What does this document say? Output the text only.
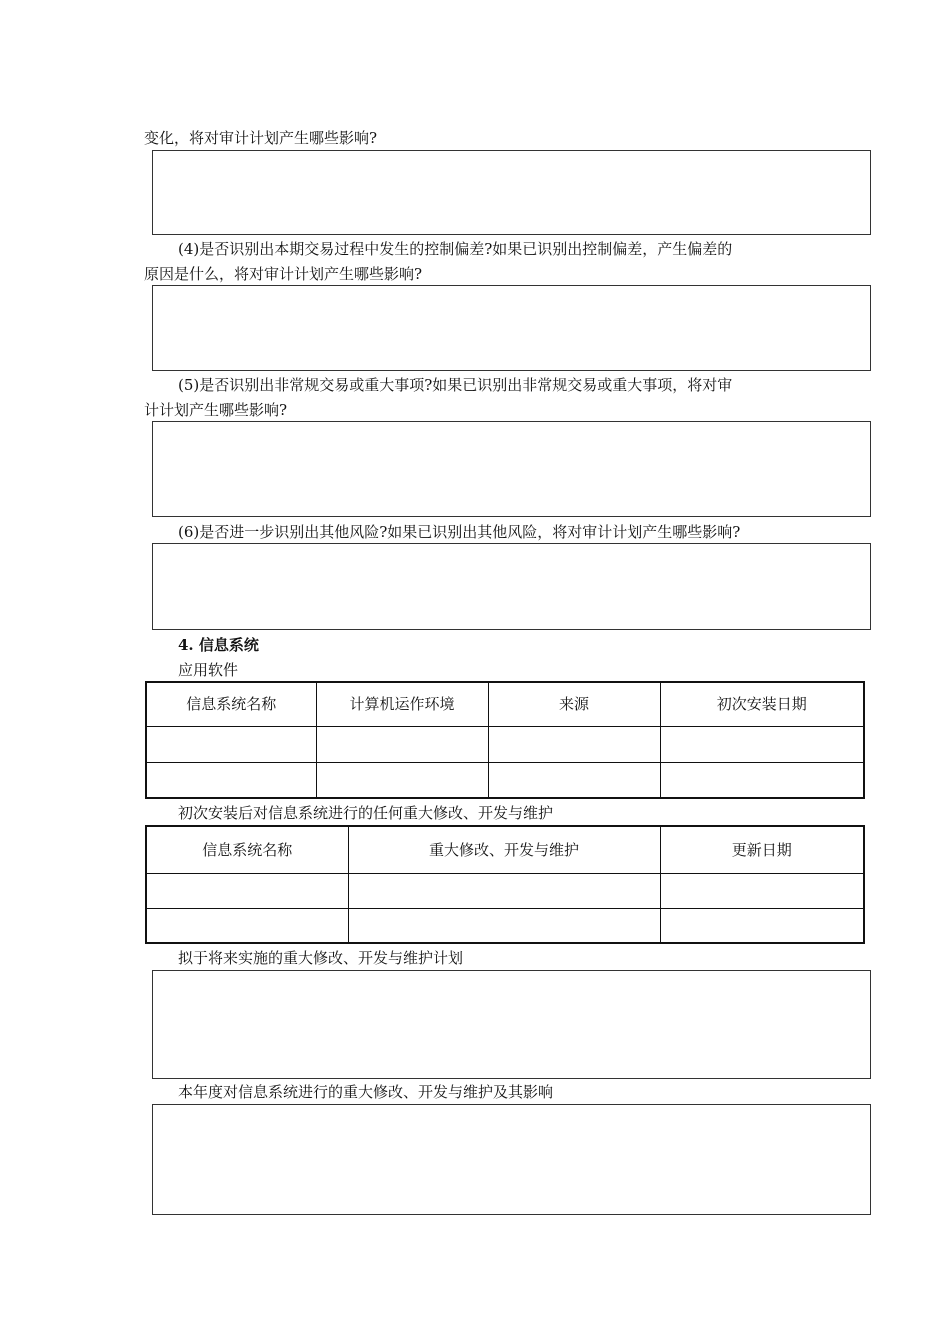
变化，将对审计计划产生哪些影响?
(4)是否识别出本期交易过程中发生的控制偏差?如果已识别出控制偏差，产生偏差的
原因是什么，将对审计计划产生哪些影响?
(5)是否识别出非常规交易或重大事项?如果已识别出非常规交易或重大事项，将对审
计计划产生哪些影响?
(6)是否进一步识别出其他风险?如果已识别出其他风险，将对审计计划产生哪些影响?
4. 信息系统
应用软件
信息系统名称	计算机运作环境	来源	初次安装日期

初次安装后对信息系统进行的任何重大修改、开发与维护
信息系统名称	重大修改、开发与维护	更新日期

拟于将来实施的重大修改、开发与维护计划
本年度对信息系统进行的重大修改、开发与维护及其影响
